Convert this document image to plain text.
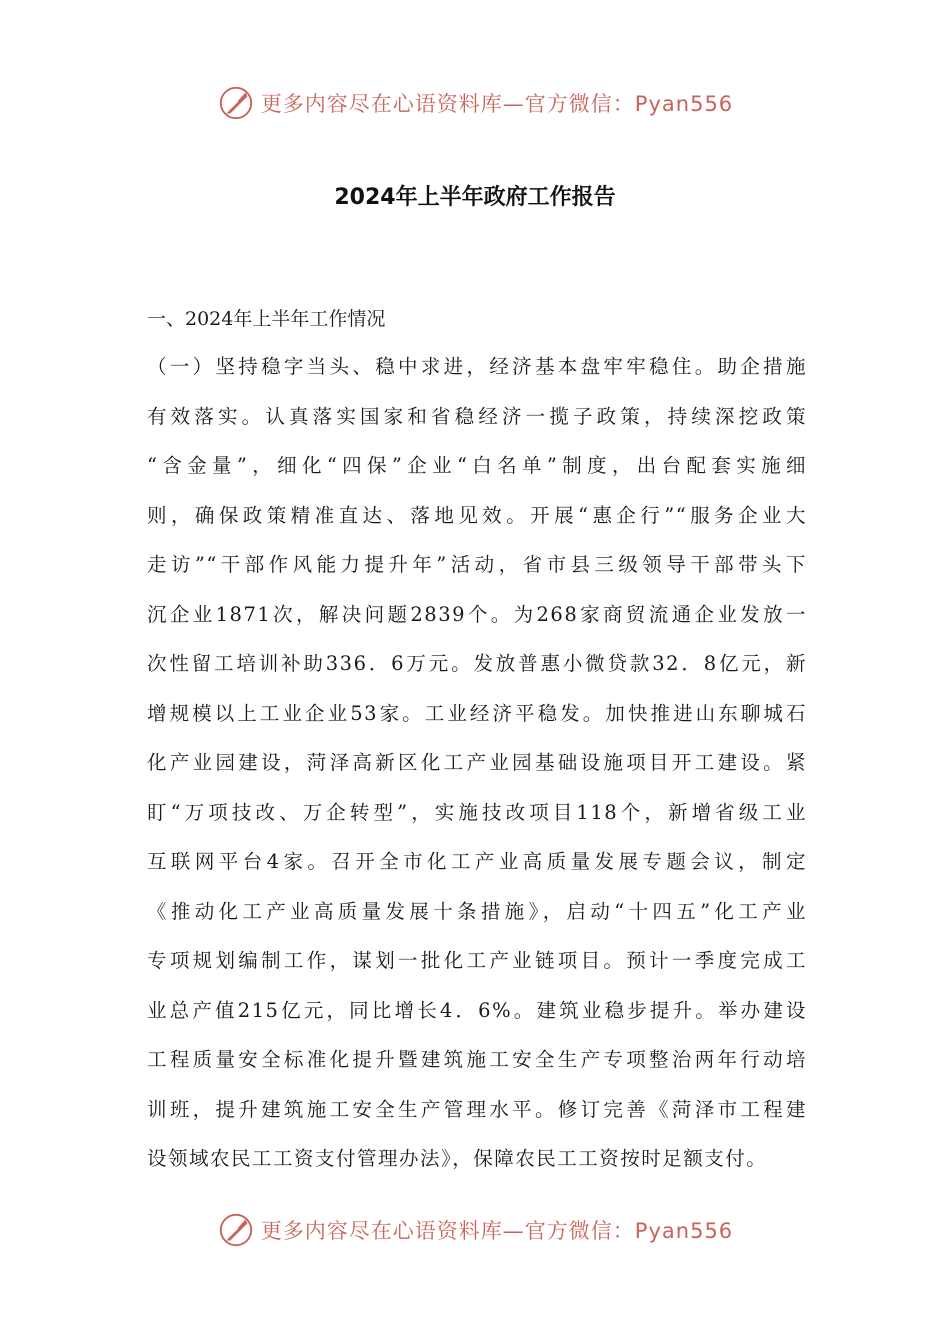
更多内容尽在心语资料库—官方微信：Pyan556
2024年上半年政府工作报告
一、2024年上半年工作情况
（一）坚持稳字当头、稳中求进，经济基本盘牢牢稳住。助企措施
有效落实。认真落实国家和省稳经济一揽子政策，持续深挖政策
“含金量”，细化“四保”企业“白名单”制度，出台配套实施细
则，确保政策精准直达、落地见效。开展“惠企行”“服务企业大
走访”“干部作风能力提升年”活动，省市县三级领导干部带头下
沉企业1871次，解决问题2839个。为268家商贸流通企业发放一
次性留工培训补助336．6万元。发放普惠小微贷款32．8亿元，新
增规模以上工业企业53家。工业经济平稳发。加快推进山东聊城石
化产业园建设，菏泽高新区化工产业园基础设施项目开工建设。紧
盯“万项技改、万企转型”，实施技改项目118个，新增省级工业
互联网平台4家。召开全市化工产业高质量发展专题会议，制定
《推动化工产业高质量发展十条措施》，启动“十四五”化工产业
专项规划编制工作，谋划一批化工产业链项目。预计一季度完成工
业总产值215亿元，同比增长4．6%。建筑业稳步提升。举办建设
工程质量安全标准化提升暨建筑施工安全生产专项整治两年行动培
训班，提升建筑施工安全生产管理水平。修订完善《菏泽市工程建
设领域农民工工资支付管理办法》，保障农民工工资按时足额支付。
更多内容尽在心语资料库—官方微信：Pyan556
